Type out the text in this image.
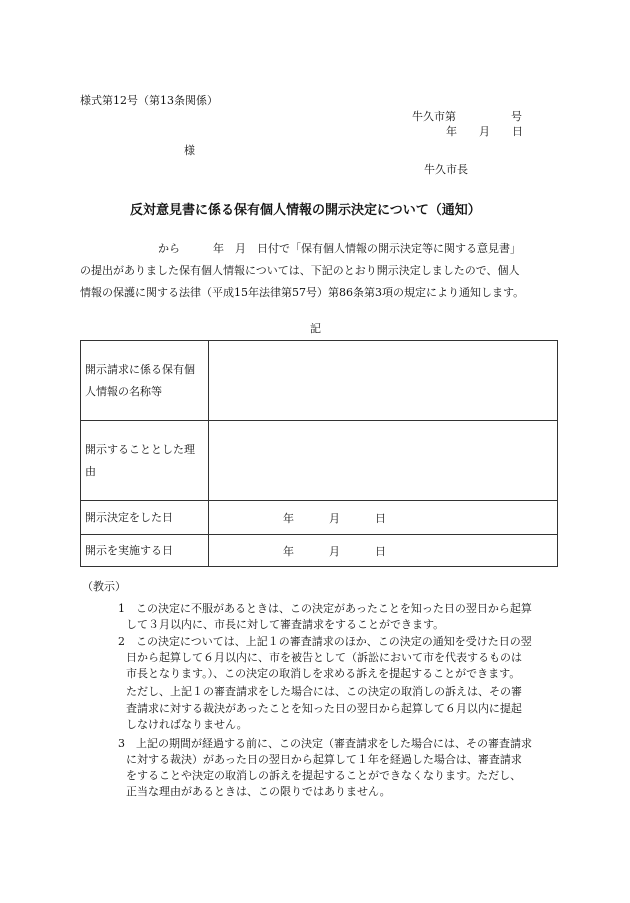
様式第12号（第13条関係）
牛久市第　　　　　号
年　　月　　日
様
牛久市長
反対意見書に係る保有個人情報の開示決定について（通知）
から　　　年　月　日付で「保有個人情報の開示決定等に関する意見書」
の提出がありました保有個人情報については、下記のとおり開示決定しましたので、個人
情報の保護に関する法律（平成15年法律第57号）第86条第3項の規定により通知します。
記
開示請求に係る保有個
人情報の名称等	
開示することとした理
由	
開示決定をした日	年 月 日

開示を実施する日	年 月 日
（教示）
1　この決定に不服があるときは、この決定があったことを知った日の翌日から起算
して３月以内に、市長に対して審査請求をすることができます。
2　この決定については、上記１の審査請求のほか、この決定の通知を受けた日の翌
日から起算して６月以内に、市を被告として（訴訟において市を代表するものは
市長となります。）、この決定の取消しを求める訴えを提起することができます。
ただし、上記１の審査請求をした場合には、この決定の取消しの訴えは、その審
査請求に対する裁決があったことを知った日の翌日から起算して６月以内に提起
しなければなりません。
3　上記の期間が経過する前に、この決定（審査請求をした場合には、その審査請求
に対する裁決）があった日の翌日から起算して１年を経過した場合は、審査請求
をすることや決定の取消しの訴えを提起することができなくなります。ただし、
正当な理由があるときは、この限りではありません。
